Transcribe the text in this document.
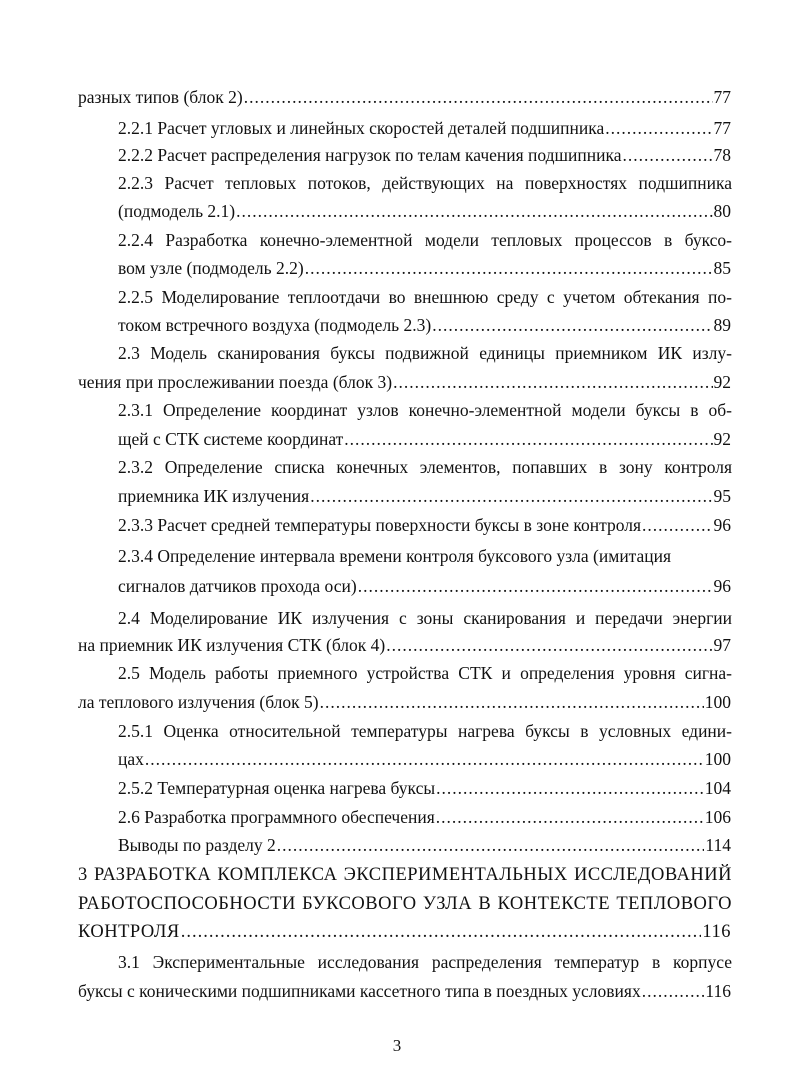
разных типов (блок 2) .....	77
2.2.1 Расчет угловых и линейных скоростей деталей подшипника .....	77
2.2.2 Расчет распределения нагрузок по телам качения подшипника .....	78
2.2.3 Расчет тепловых потоков, действующих на поверхностях подшипника
(подмодель 2.1) .....	80
2.2.4 Разработка конечно-элементной модели тепловых процессов в буксо-
вом узле (подмодель 2.2) .....	85
2.2.5 Моделирование теплоотдачи во внешнюю среду с учетом обтекания по-
током встречного воздуха (подмодель 2.3) .....	89
2.3 Модель сканирования буксы подвижной единицы приемником ИК излу-
чения при прослеживании поезда (блок 3) .....	92
2.3.1 Определение координат узлов конечно-элементной модели буксы в об-
щей с СТК системе координат .....	92
2.3.2 Определение списка конечных элементов, попавших в зону контроля
приемника ИК излучения .....	95
2.3.3 Расчет средней температуры поверхности буксы в зоне контроля .....	96
2.3.4 Определение интервала времени контроля буксового узла (имитация
сигналов датчиков прохода оси) .....	96
2.4 Моделирование ИК излучения с зоны сканирования и передачи энергии
на приемник ИК излучения СТК (блок 4) .....	97
2.5 Модель работы приемного устройства СТК и определения уровня сигна-
ла теплового излучения (блок 5) .....	100
2.5.1 Оценка относительной температуры нагрева буксы в условных едини-
цах .....	100
2.5.2 Температурная оценка нагрева буксы .....	104
2.6 Разработка программного обеспечения .....	106
Выводы по разделу 2 .....	114
3 РАЗРАБОТКА КОМПЛЕКСА ЭКСПЕРИМЕНТАЛЬНЫХ ИССЛЕДОВАНИЙ
РАБОТОСПОСОБНОСТИ БУКСОВОГО УЗЛА В КОНТЕКСТЕ ТЕПЛОВОГО
КОНТРОЛЯ .....	116
3.1 Экспериментальные исследования распределения температур в корпусе
буксы с коническими подшипниками кассетного типа в поездных условиях .....	116
3
